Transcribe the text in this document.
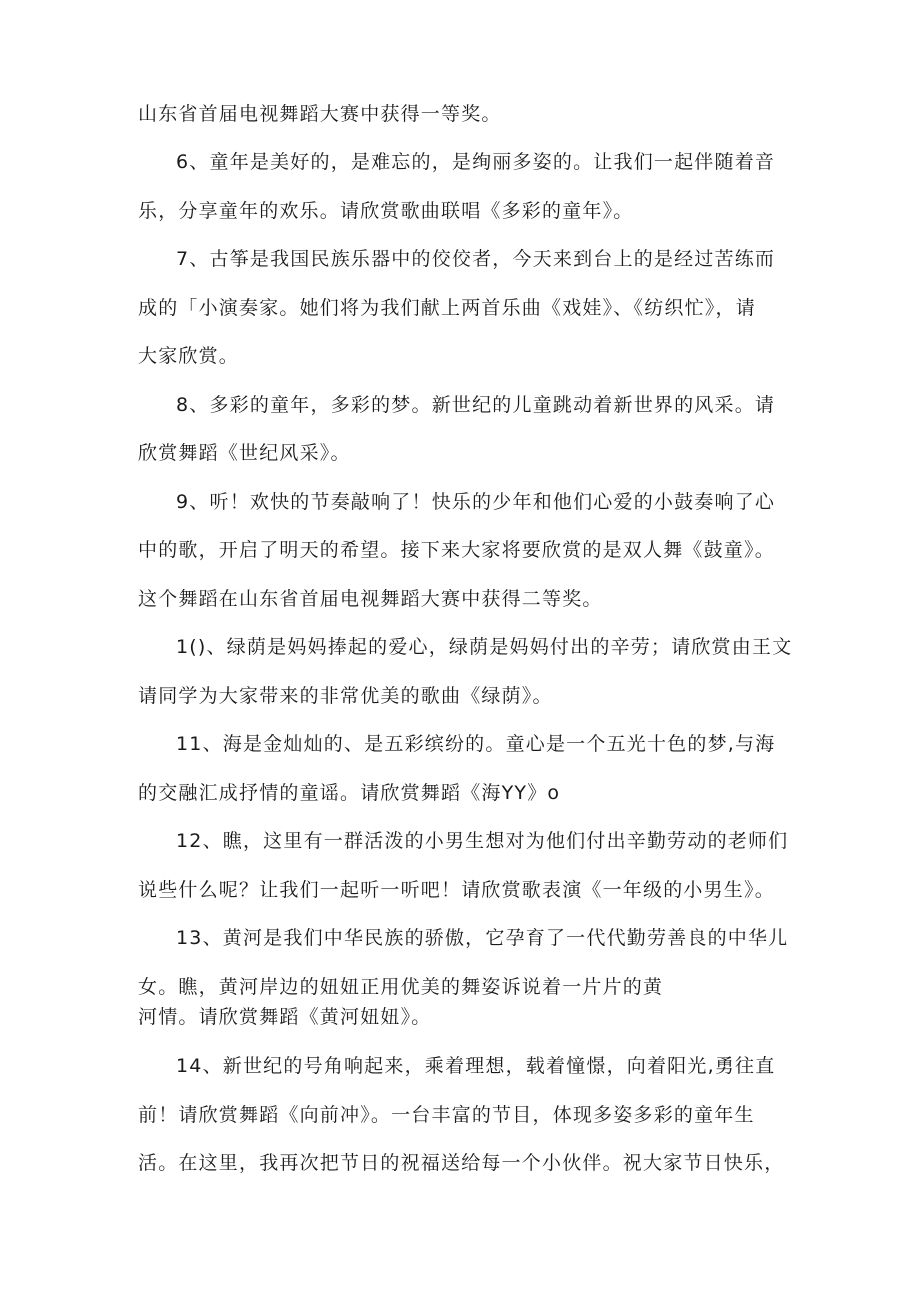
山东省首届电视舞蹈大赛中获得一等奖。
6、童年是美好的，是难忘的，是绚丽多姿的。让我们一起伴随着音
乐，分享童年的欢乐。请欣赏歌曲联唱《多彩的童年》。
7、古筝是我国民族乐器中的佼佼者，今天来到台上的是经过苦练而
成的「小演奏家。她们将为我们献上两首乐曲《戏娃》、《纺织忙》，请
大家欣赏。
8、多彩的童年，多彩的梦。新世纪的儿童跳动着新世界的风采。请
欣赏舞蹈《世纪风采》。
9、听！欢快的节奏敲响了！快乐的少年和他们心爱的小鼓奏响了心
中的歌，开启了明天的希望。接下来大家将要欣赏的是双人舞《鼓童》。
这个舞蹈在山东省首届电视舞蹈大赛中获得二等奖。
1()、绿荫是妈妈捧起的爱心，绿荫是妈妈付出的辛劳；请欣赏由王文
请同学为大家带来的非常优美的歌曲《绿荫》。
11、海是金灿灿的、是五彩缤纷的。童心是一个五光十色的梦,与海
的交融汇成抒情的童谣。请欣赏舞蹈《海YY》o
12、瞧，这里有一群活泼的小男生想对为他们付出辛勤劳动的老师们
说些什么呢？让我们一起听一听吧！请欣赏歌表演《一年级的小男生》。
13、黄河是我们中华民族的骄傲，它孕育了一代代勤劳善良的中华儿
女。瞧，黄河岸边的妞妞正用优美的舞姿诉说着一片片的黄
河情。请欣赏舞蹈《黄河妞妞》。
14、新世纪的号角响起来，乘着理想，载着憧憬，向着阳光,勇往直
前！请欣赏舞蹈《向前冲》。一台丰富的节目，体现多姿多彩的童年生
活。在这里，我再次把节日的祝福送给每一个小伙伴。祝大家节日快乐，
